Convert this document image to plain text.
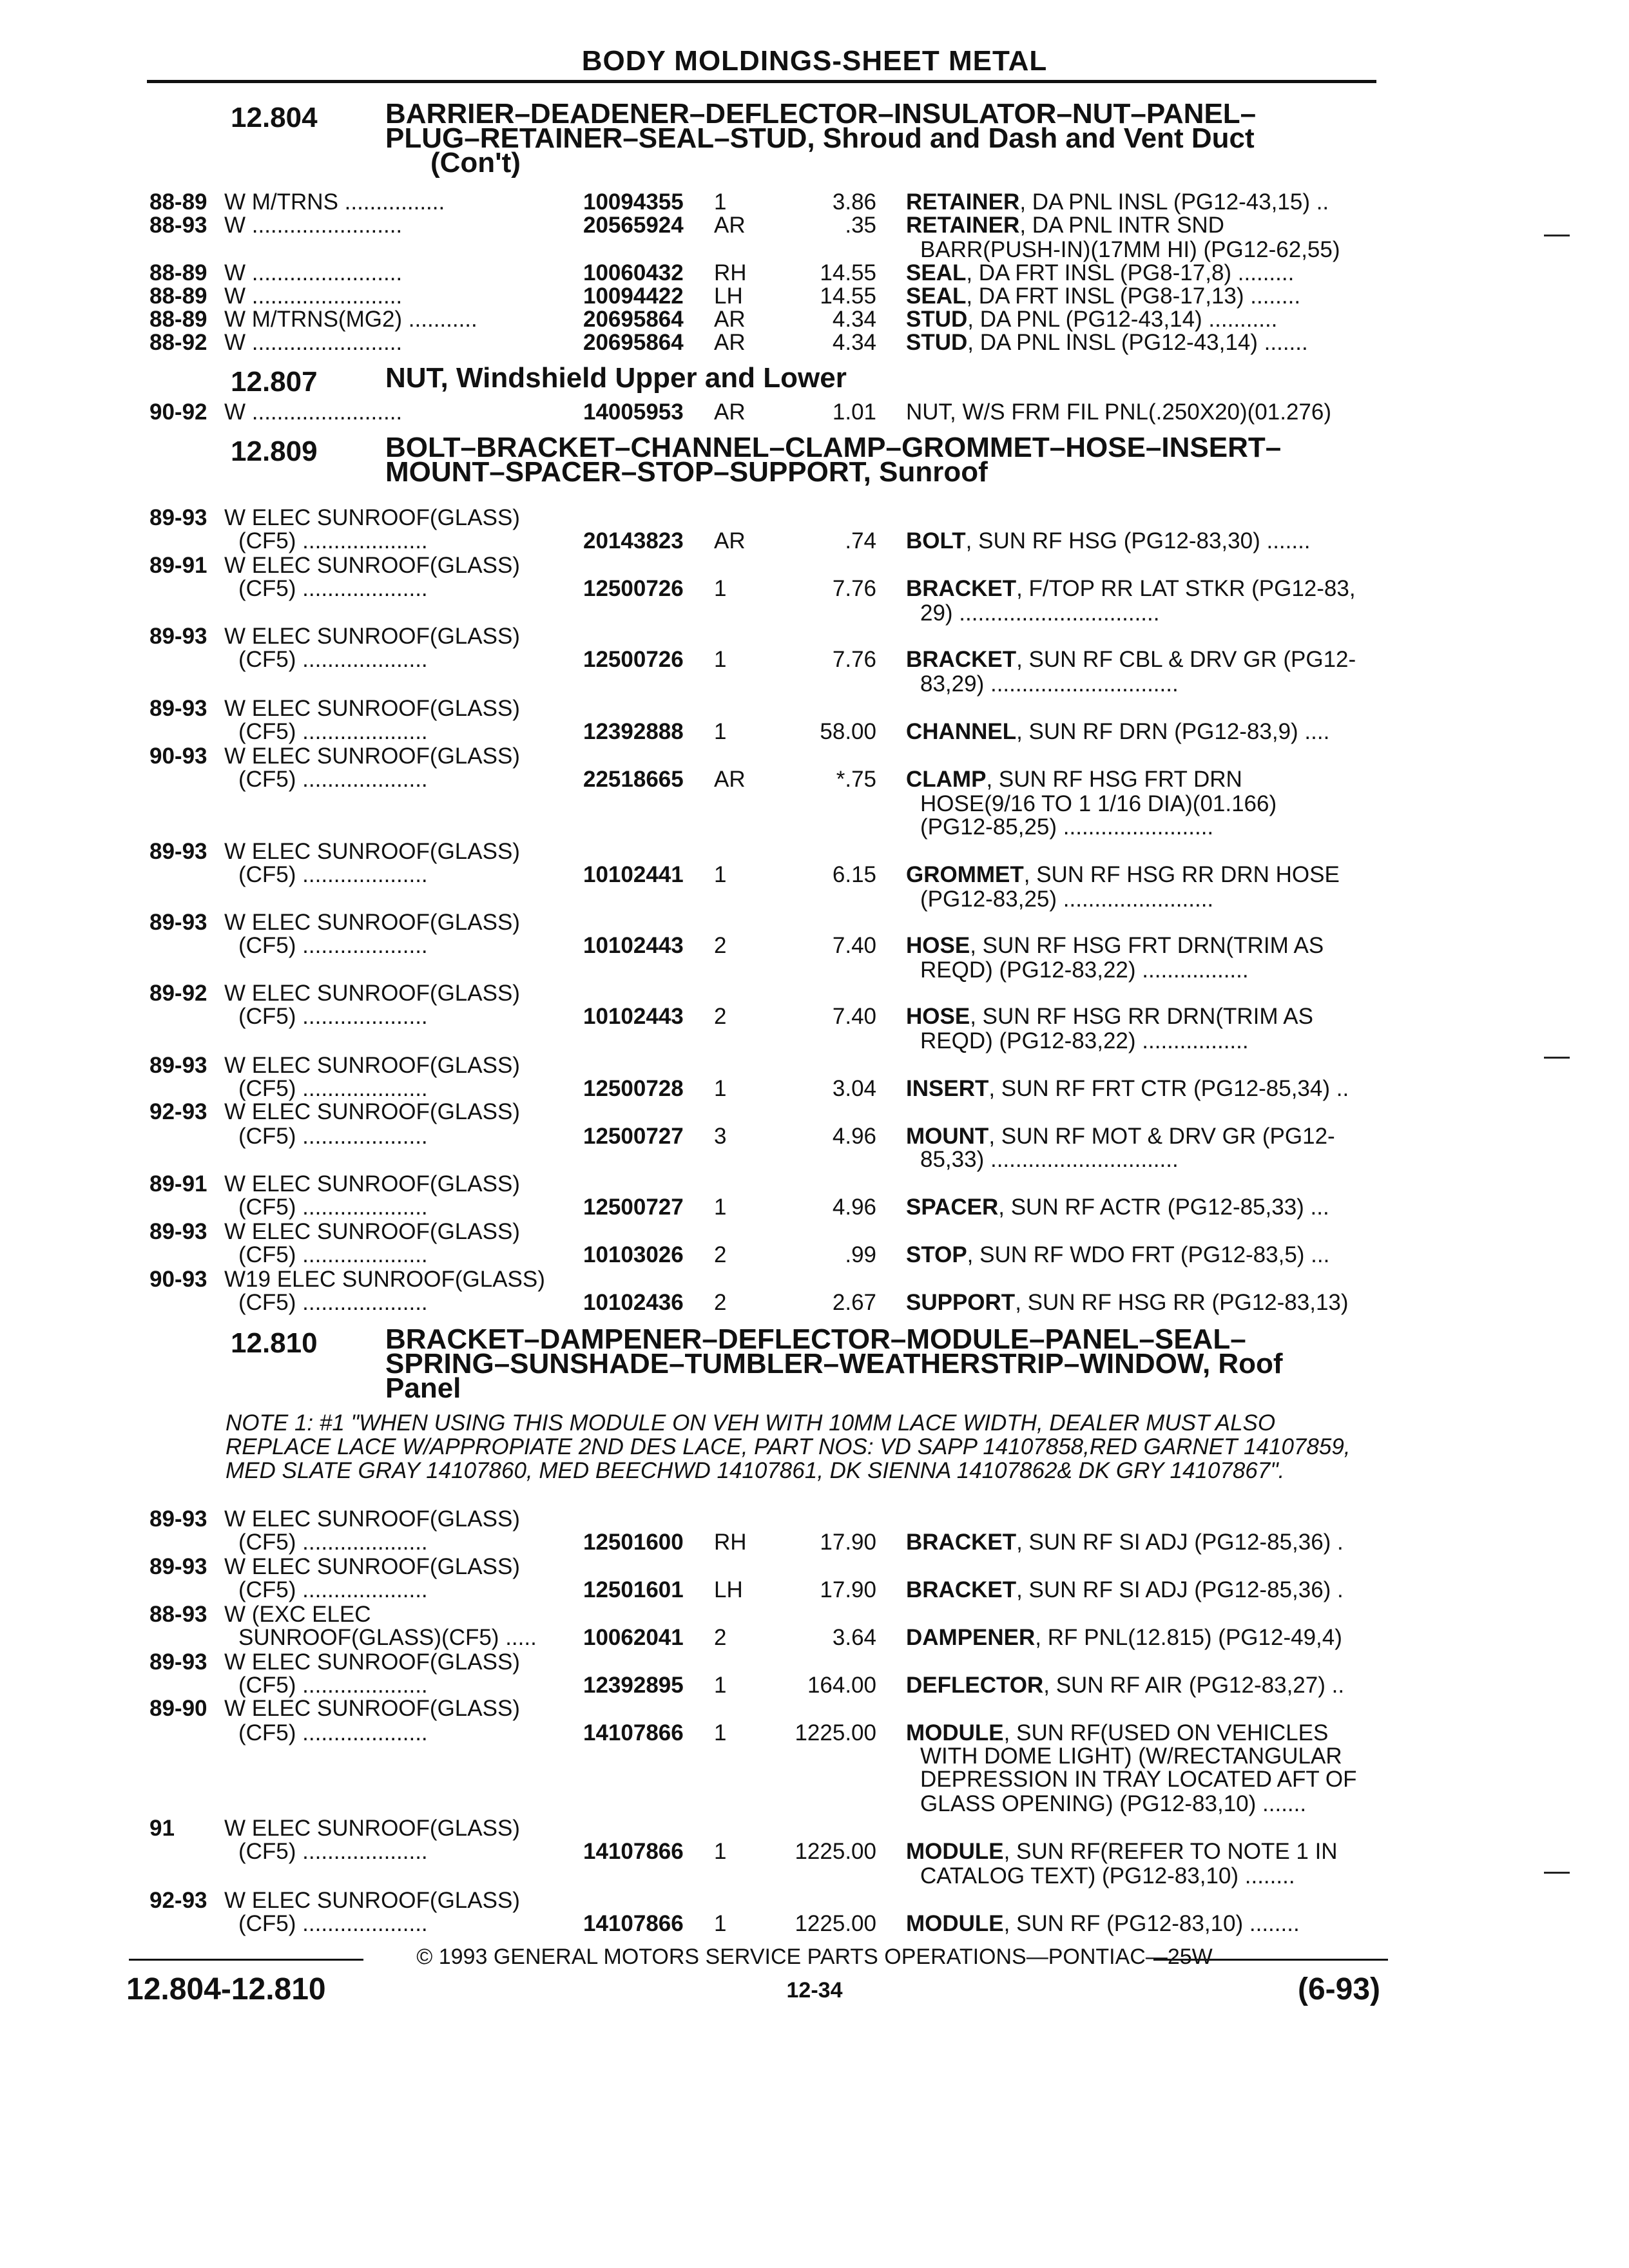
BODY MOLDINGS-SHEET METAL
12.804 BARRIER–DEADENER–DEFLECTOR–INSULATOR–NUT–PANEL–
PLUG–RETAINER–SEAL–STUD, Shroud and Dash and Vent Duct
(Con't)
88-89 W M/TRNS ................	10094355 1	3.86 RETAINER, DA PNL INSL (PG12-43,15) ..
88-93 W ........................	20565924 AR	.35 RETAINER, DA PNL INTR SND
BARR(PUSH-IN)(17MM HI) (PG12-62,55)
88-89 W ........................	10060432 RH	14.55 SEAL, DA FRT INSL (PG8-17,8) .........
88-89 W ........................	10094422 LH	14.55 SEAL, DA FRT INSL (PG8-17,13) ........
88-89 W M/TRNS(MG2) ...........	20695864 AR	4.34 STUD, DA PNL (PG12-43,14) ...........
88-92 W ........................	20695864 AR	4.34 STUD, DA PNL INSL (PG12-43,14) .......
90-92 W ........................	14005953 AR	1.01 NUT, W/S FRM FIL PNL(.250X20)(01.276)
89-93 W ELEC SUNROOF(GLASS)
(CF5) ....................	20143823 AR	.74 BOLT, SUN RF HSG (PG12-83,30) .......
89-91 W ELEC SUNROOF(GLASS)
(CF5) ....................	12500726 1	7.76 BRACKET, F/TOP RR LAT STKR (PG12-83,
29) ................................
89-93 W ELEC SUNROOF(GLASS)
(CF5) ....................	12500726 1	7.76 BRACKET, SUN RF CBL & DRV GR (PG12-
83,29) ..............................
89-93 W ELEC SUNROOF(GLASS)
(CF5) ....................	12392888 1	58.00 CHANNEL, SUN RF DRN (PG12-83,9) ....
90-93 W ELEC SUNROOF(GLASS)
(CF5) ....................	22518665 AR	*.75 CLAMP, SUN RF HSG FRT DRN
HOSE(9/16 TO 1 1/16 DIA)(01.166)
(PG12-85,25) ........................
89-93 W ELEC SUNROOF(GLASS)
(CF5) ....................	10102441 1	6.15 GROMMET, SUN RF HSG RR DRN HOSE
(PG12-83,25) ........................
89-93 W ELEC SUNROOF(GLASS)
(CF5) ....................	10102443 2	7.40 HOSE, SUN RF HSG FRT DRN(TRIM AS
REQD) (PG12-83,22) .................
89-92 W ELEC SUNROOF(GLASS)
(CF5) ....................	10102443 2	7.40 HOSE, SUN RF HSG RR DRN(TRIM AS
REQD) (PG12-83,22) .................
89-93 W ELEC SUNROOF(GLASS)
(CF5) ....................	12500728 1	3.04 INSERT, SUN RF FRT CTR (PG12-85,34) ..
92-93 W ELEC SUNROOF(GLASS)
(CF5) ....................	12500727 3	4.96 MOUNT, SUN RF MOT & DRV GR (PG12-
85,33) ..............................
89-91 W ELEC SUNROOF(GLASS)
(CF5) ....................	12500727 1	4.96 SPACER, SUN RF ACTR (PG12-85,33) ...
89-93 W ELEC SUNROOF(GLASS)
(CF5) ....................	10103026 2	.99 STOP, SUN RF WDO FRT (PG12-83,5) ...
90-93 W19 ELEC SUNROOF(GLASS)
(CF5) ....................	10102436 2	2.67 SUPPORT, SUN RF HSG RR (PG12-83,13)
89-93 W ELEC SUNROOF(GLASS)
(CF5) ....................	12501600 RH	17.90 BRACKET, SUN RF SI ADJ (PG12-85,36) .
89-93 W ELEC SUNROOF(GLASS)
(CF5) ....................	12501601 LH	17.90 BRACKET, SUN RF SI ADJ (PG12-85,36) .
88-93 W (EXC ELEC
SUNROOF(GLASS)(CF5) ..... 10062041 2	3.64 DAMPENER, RF PNL(12.815) (PG12-49,4)
89-93 W ELEC SUNROOF(GLASS)
(CF5) ....................	12392895 1	164.00 DEFLECTOR, SUN RF AIR (PG12-83,27) ..
89-90 W ELEC SUNROOF(GLASS)
(CF5) ....................	14107866 1	1225.00 MODULE, SUN RF(USED ON VEHICLES
WITH DOME LIGHT) (W/RECTANGULAR
DEPRESSION IN TRAY LOCATED AFT OF
GLASS OPENING) (PG12-83,10) .......
91 W ELEC SUNROOF(GLASS)
(CF5) ....................	14107866 1	1225.00 MODULE, SUN RF(REFER TO NOTE 1 IN
CATALOG TEXT) (PG12-83,10) ........
92-93 W ELEC SUNROOF(GLASS)
(CF5) ....................	14107866 1	1225.00 MODULE, SUN RF (PG12-83,10) ........
12.807 NUT, Windshield Upper and Lower
12.809 BOLT–BRACKET–CHANNEL–CLAMP–GROMMET–HOSE–INSERT–
MOUNT–SPACER–STOP–SUPPORT, Sunroof
12.810 BRACKET–DAMPENER–DEFLECTOR–MODULE–PANEL–SEAL–
SPRING–SUNSHADE–TUMBLER–WEATHERSTRIP–WINDOW, Roof
Panel
NOTE 1: #1 "WHEN USING THIS MODULE ON VEH WITH 10MM LACE WIDTH, DEALER MUST ALSO REPLACE LACE W/APPROPIATE 2ND DES LACE, PART NOS: VD SAPP 14107858,RED GARNET 14107859, MED SLATE GRAY 14107860, MED BEECHWD 14107861, DK SIENNA 14107862& DK GRY 14107867".
© 1993 GENERAL MOTORS SERVICE PARTS OPERATIONS—PONTIAC—25W
12.804-12.810	12-34	(6-93)
